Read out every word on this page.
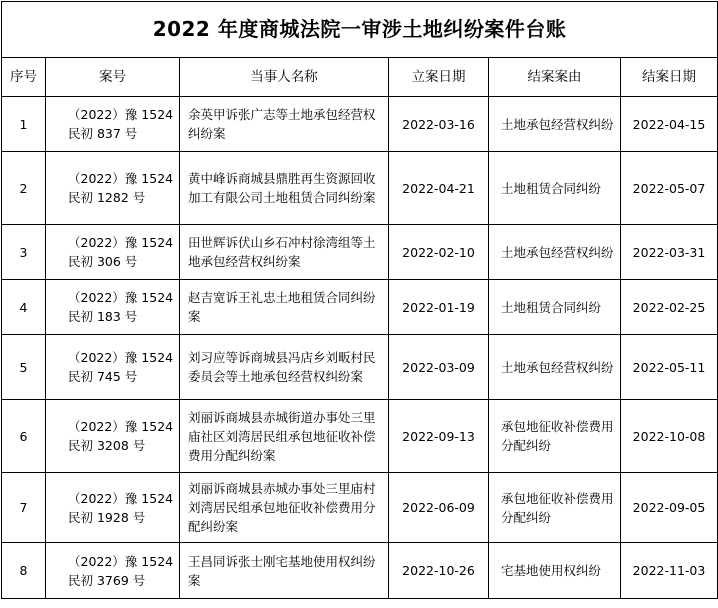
2022 年度商城法院一审涉土地纠纷案件台账					
序号	案号	当事人名称	立案日期	结案案由	结案日期
1	（2022）豫 1524 民初 837 号	余英甲诉张广志等土地承包经营权纠纷案	2022-03-16	土地承包经营权纠纷	2022-04-15
2	（2022）豫 1524 民初 1282 号	黄中峰诉商城县鼎胜再生资源回收加工有限公司土地租赁合同纠纷案	2022-04-21	土地租赁合同纠纷	2022-05-07
3	（2022）豫 1524 民初 306 号	田世辉诉伏山乡石冲村徐湾组等土地承包经营权纠纷案	2022-02-10	土地承包经营权纠纷	2022-03-31
4	（2022）豫 1524 民初 183 号	赵吉宽诉王礼忠土地租赁合同纠纷案	2022-01-19	土地租赁合同纠纷	2022-02-25
5	（2022）豫 1524 民初 745 号	刘习应等诉商城县冯店乡刘畈村民委员会等土地承包经营权纠纷案	2022-03-09	土地承包经营权纠纷	2022-05-11
6	（2022）豫 1524 民初 3208 号	刘丽诉商城县赤城街道办事处三里庙社区刘湾居民组承包地征收补偿费用分配纠纷案	2022-09-13	承包地征收补偿费用分配纠纷	2022-10-08
7	（2022）豫 1524 民初 1928 号	刘丽诉商城县赤城办事处三里庙村刘湾居民组承包地征收补偿费用分配纠纷案	2022-06-09	承包地征收补偿费用分配纠纷	2022-09-05
8	（2022）豫 1524 民初 3769 号	王昌同诉张士刚宅基地使用权纠纷案	2022-10-26	宅基地使用权纠纷	2022-11-03
